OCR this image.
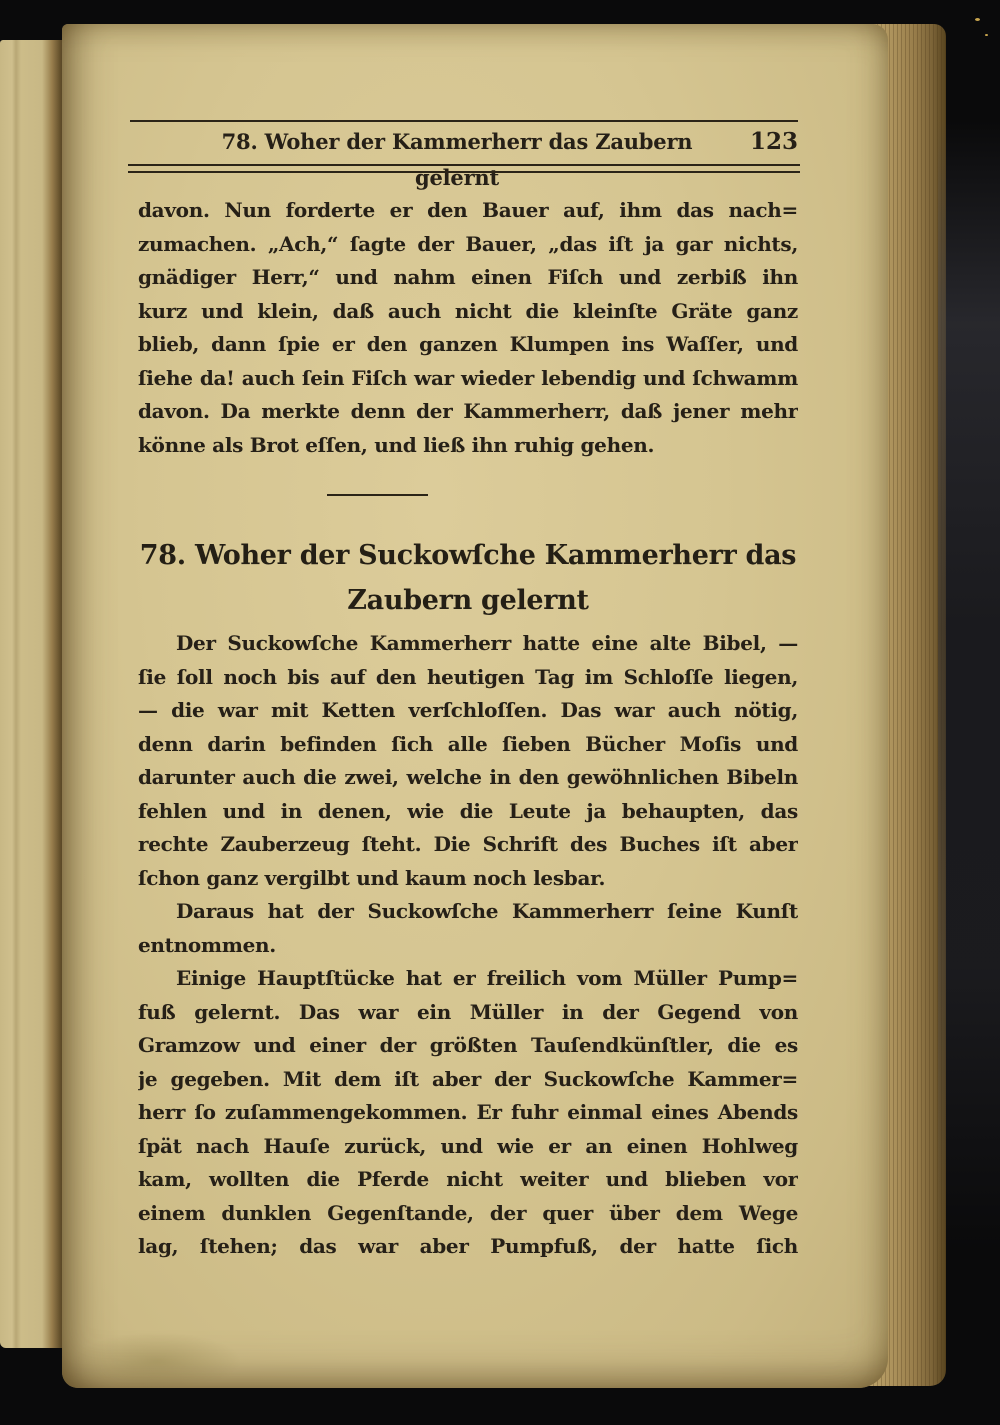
78. Woher der Kammerherr das Zaubern gelernt
123
davon. Nun forderte er den Bauer auf, ihm das nach=
zumachen. „Ach,“ ſagte der Bauer, „das iſt ja gar nichts,
gnädiger Herr,“ und nahm einen Fiſch und zerbiß ihn
kurz und klein, daß auch nicht die kleinſte Gräte ganz
blieb, dann ſpie er den ganzen Klumpen ins Waſſer, und
ſiehe da! auch ſein Fiſch war wieder lebendig und ſchwamm
davon. Da merkte denn der Kammerherr, daß jener mehr
könne als Brot eſſen, und ließ ihn ruhig gehen.
78. Woher der Suckowſche Kammerherr das
Zaubern gelernt
Der Suckowſche Kammerherr hatte eine alte Bibel, —
ſie ſoll noch bis auf den heutigen Tag im Schloſſe liegen,
— die war mit Ketten verſchloſſen. Das war auch nötig,
denn darin befinden ſich alle ſieben Bücher Moſis und
darunter auch die zwei, welche in den gewöhnlichen Bibeln
fehlen und in denen, wie die Leute ja behaupten, das
rechte Zauberzeug ſteht. Die Schrift des Buches iſt aber
ſchon ganz vergilbt und kaum noch lesbar.
Daraus hat der Suckowſche Kammerherr ſeine Kunſt
entnommen.
Einige Hauptſtücke hat er freilich vom Müller Pump=
fuß gelernt. Das war ein Müller in der Gegend von
Gramzow und einer der größten Tauſendkünſtler, die es
je gegeben. Mit dem iſt aber der Suckowſche Kammer=
herr ſo zuſammengekommen. Er fuhr einmal eines Abends
ſpät nach Hauſe zurück, und wie er an einen Hohlweg
kam, wollten die Pferde nicht weiter und blieben vor
einem dunklen Gegenſtande, der quer über dem Wege
lag, ſtehen; das war aber Pumpfuß, der hatte ſich
